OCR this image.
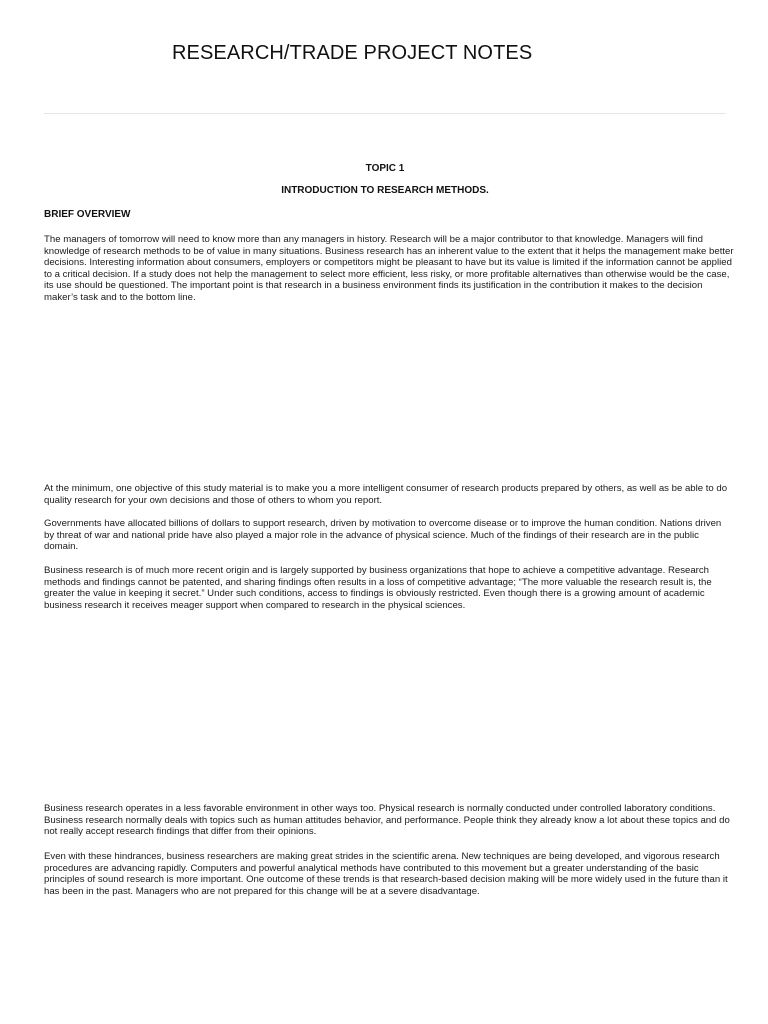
RESEARCH/TRADE PROJECT NOTES

TOPIC 1

INTRODUCTION TO RESEARCH METHODS.

BRIEF OVERVIEW

The managers of tomorrow will need to know more than any managers in history. Research will be a major contributor to that knowledge. Managers will find knowledge of research methods to be of value in many situations. Business research has an inherent value to the extent that it helps the management make better decisions. Interesting information about consumers, employers or competitors might be pleasant to have but its value is limited if the information cannot be applied to a critical decision. If a study does not help the management to select more efficient, less risky, or more profitable alternatives than otherwise would be the case, its use should be questioned. The important point is that research in a business environment finds its justification in the contribution it makes to the decision maker’s task and to the bottom line.

At the minimum, one objective of this study material is to make you a more intelligent consumer of research products prepared by others, as well as be able to do quality research for your own decisions and those of others to whom you report.

Governments have allocated billions of dollars to support research, driven by motivation to overcome disease or to improve the human condition. Nations driven by threat of war and national pride have also played a major role in the advance of physical science. Much of the findings of their research are in the public domain.

Business research is of much more recent origin and is largely supported by business organizations that hope to achieve a competitive advantage. Research methods and findings cannot be patented, and sharing findings often results in a loss of competitive advantage; “The more valuable the research result is, the greater the value in keeping it secret.” Under such conditions, access to findings is obviously restricted. Even though there is a growing amount of academic business research it receives meager support when compared to research in the physical sciences.

Business research operates in a less favorable environment in other ways too. Physical research is normally conducted under controlled laboratory conditions. Business research normally deals with topics such as human attitudes behavior, and performance. People think they already know a lot about these topics and do not really accept research findings that differ from their opinions.

Even with these hindrances, business researchers are making great strides in the scientific arena. New techniques are being developed, and vigorous research procedures are advancing rapidly. Computers and powerful analytical methods have contributed to this movement but a greater understanding of the basic principles of sound research is more important. One outcome of these trends is that research-based decision making will be more widely used in the future than it has been in the past. Managers who are not prepared for this change will be at a severe disadvantage.
